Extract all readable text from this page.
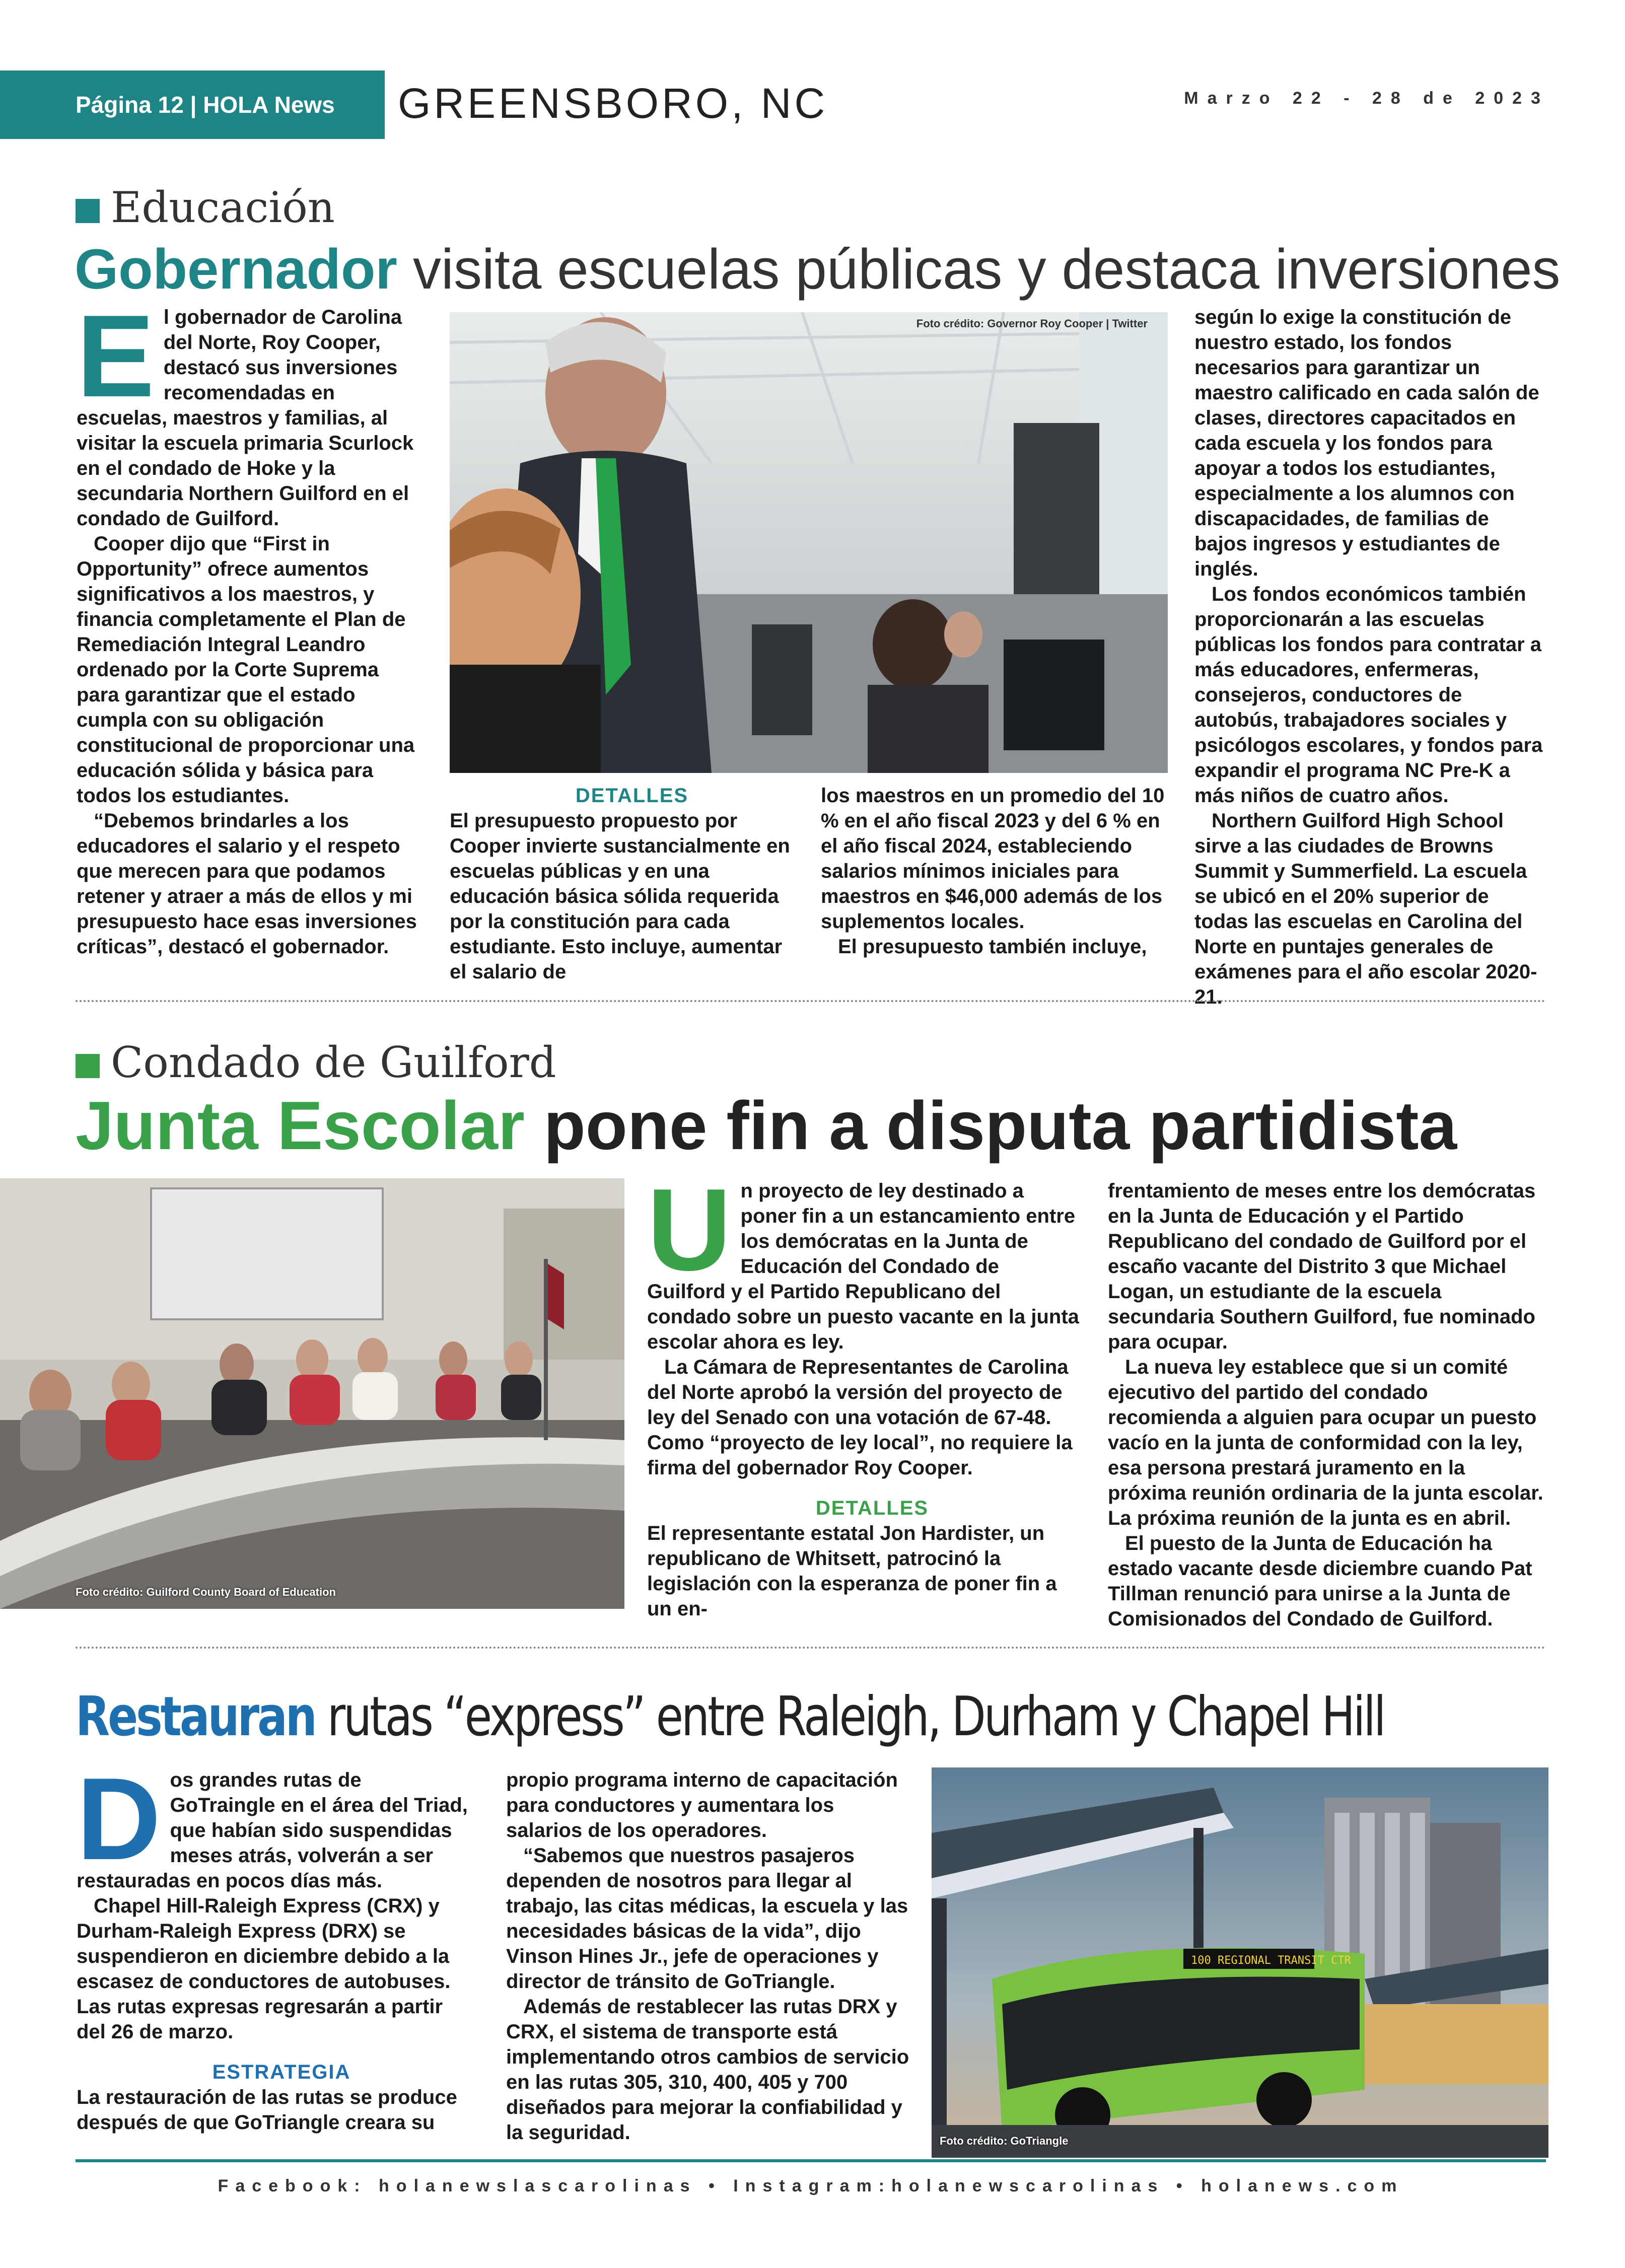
Página 12 | HOLA News	GREENSBORO, NC	Marzo 22 - 28 de 2023
Educación
Gobernador visita escuelas públicas y destaca inversiones

El gobernador de Carolina del Norte, Roy Cooper, destacó sus inversiones recomendadas en escuelas, maestros y familias, al visitar la escuela primaria Scurlock en el condado de Hoke y la secundaria Northern Guilford en el condado de Guilford.

Cooper dijo que “First in Opportunity” ofrece aumentos significativos a los maestros, y financia completamente el Plan de Remediación Integral Leandro ordenado por la Corte Suprema para garantizar que el estado cumpla con su obligación constitucional de proporcionar una educación sólida y básica para todos los estudiantes.

“Debemos brindarles a los educadores el salario y el respeto que merecen para que podamos retener y atraer a más de ellos y mi presupuesto hace esas inversiones críticas”, destacó el gobernador.

Foto crédito: Governor Roy Cooper | Twitter

DETALLES

El presupuesto propuesto por Cooper invierte sustancialmente en escuelas públicas y en una educación básica sólida requerida por la constitución para cada estudiante. Esto incluye, aumentar el salario de

los maestros en un promedio del 10 % en el año fiscal 2023 y del 6 % en el año fiscal 2024, estableciendo salarios mínimos iniciales para maestros en $46,000 además de los suplementos locales.

El presupuesto también incluye,

según lo exige la constitución de nuestro estado, los fondos necesarios para garantizar un maestro calificado en cada salón de clases, directores capacitados en cada escuela y los fondos para apoyar a todos los estudiantes, especialmente a los alumnos con discapacidades, de familias de bajos ingresos y estudiantes de inglés.

Los fondos económicos también proporcionarán a las escuelas públicas los fondos para contratar a más educadores, enfermeras, consejeros, conductores de autobús, trabajadores sociales y psicólogos escolares, y fondos para expandir el programa NC Pre-K a más niños de cuatro años.

Northern Guilford High School sirve a las ciudades de Browns Summit y Summerfield. La escuela se ubicó en el 20% superior de todas las escuelas en Carolina del Norte en puntajes generales de exámenes para el año escolar 2020-21.

Condado de Guilford
Junta Escolar pone fin a disputa partidista
Foto crédito: Guilford County Board of Education

Un proyecto de ley destinado a poner fin a un estancamiento entre los demócratas en la Junta de Educación del Condado de Guilford y el Partido Republicano del condado sobre un puesto vacante en la junta escolar ahora es ley.

La Cámara de Representantes de Carolina del Norte aprobó la versión del proyecto de ley del Senado con una votación de 67-48. Como “proyecto de ley local”, no requiere la firma del gobernador Roy Cooper.

DETALLES

El representante estatal Jon Hardister, un republicano de Whitsett, patrocinó la legislación con la esperanza de poner fin a un en-

frentamiento de meses entre los demócratas en la Junta de Educación y el Partido Republicano del condado de Guilford por el escaño vacante del Distrito 3 que Michael Logan, un estudiante de la escuela secundaria Southern Guilford, fue nominado para ocupar.

La nueva ley establece que si un comité ejecutivo del partido del condado recomienda a alguien para ocupar un puesto vacío en la junta de conformidad con la ley, esa persona prestará juramento en la próxima reunión ordinaria de la junta escolar. La próxima reunión de la junta es en abril.

El puesto de la Junta de Educación ha estado vacante desde diciembre cuando Pat Tillman renunció para unirse a la Junta de Comisionados del Condado de Guilford.

Restauran rutas “express” entre Raleigh, Durham y Chapel Hill

Dos grandes rutas de GoTraingle en el área del Triad, que habían sido suspendidas meses atrás, volverán a ser restauradas en pocos días más.

Chapel Hill-Raleigh Express (CRX) y Durham-Raleigh Express (DRX) se suspendieron en diciembre debido a la escasez de conductores de autobuses. Las rutas expresas regresarán a partir del 26 de marzo.

ESTRATEGIA

La restauración de las rutas se produce después de que GoTriangle creara su

propio programa interno de capacitación para conductores y aumentara los salarios de los operadores.

“Sabemos que nuestros pasajeros dependen de nosotros para llegar al trabajo, las citas médicas, la escuela y las necesidades básicas de la vida”, dijo Vinson Hines Jr., jefe de operaciones y director de tránsito de GoTriangle.

Además de restablecer las rutas DRX y CRX, el sistema de transporte está implementando otros cambios de servicio en las rutas 305, 310, 400, 405 y 700 diseñados para mejorar la confiabilidad y la seguridad.

100 REGIONAL TRANSIT CTR
Foto crédito: GoTriangle
Facebook: holanewslascarolinas • Instagram:holanewscarolinas • holanews.com
